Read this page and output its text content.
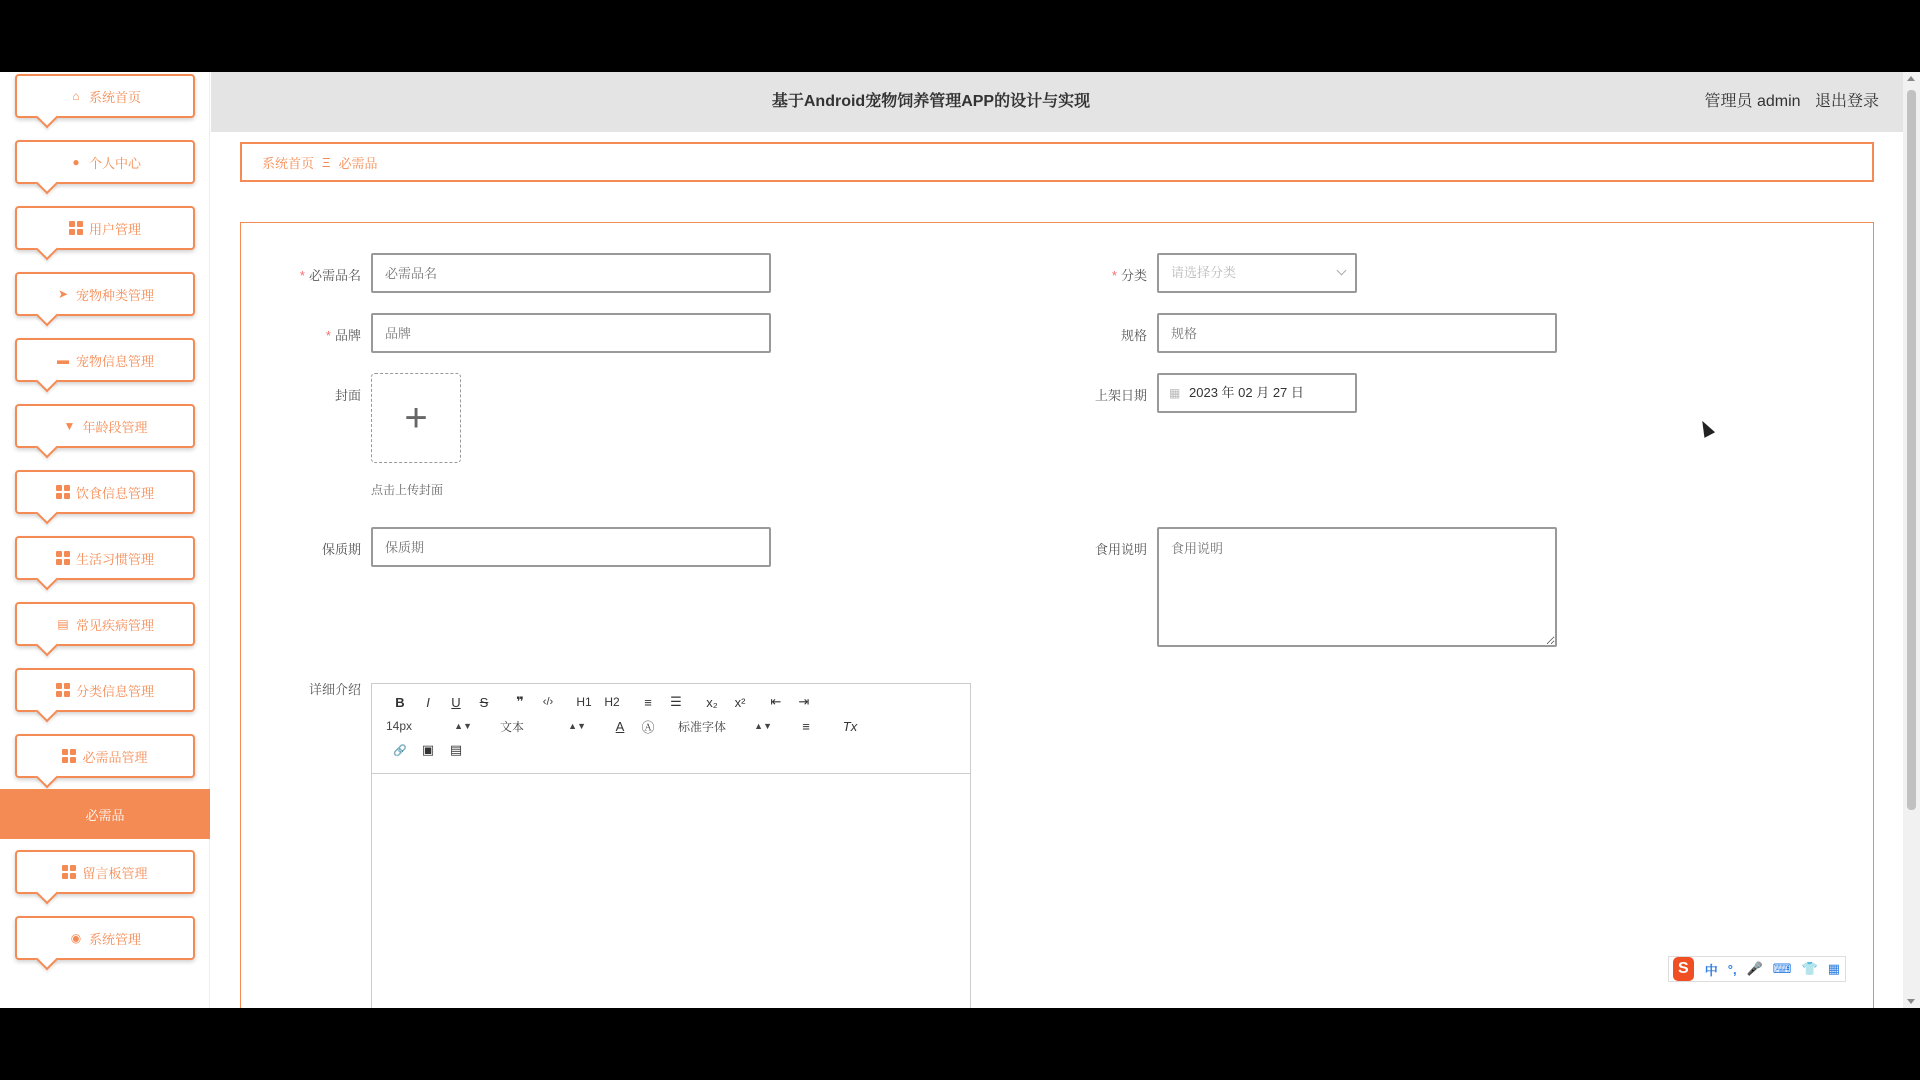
⌂ 系统首页
● 个人中心
用户管理
➤ 宠物种类管理
▬ 宠物信息管理
▼ 年龄段管理
饮食信息管理
生活习惯管理
▤ 常见疾病管理
分类信息管理
必需品管理
必需品
留言板管理
◉ 系统管理
基于Android宠物饲养管理APP的设计与实现	管理员 admin 退出登录
系统首页 Ξ 必需品
* 必需品名
必需品名	* 分类	请选择分类
* 品牌
品牌	规格
规格
封面 +
点击上传封面
上架日期 ▦ 2023 年 02 月 27 日
保质期
保质期	食用说明
食用说明
详细介绍
B	I	U	S	❞	‹/›	H1	H2	≡	☰	x₂	x²	⇤	⇥
14px	▲▼ 文本	▲▼	A	Ⓐ	标准字体	▲▼	≡	Tx
🔗	▣	▤
S	中 °, 🎤 ⌨ 👕 ▦
